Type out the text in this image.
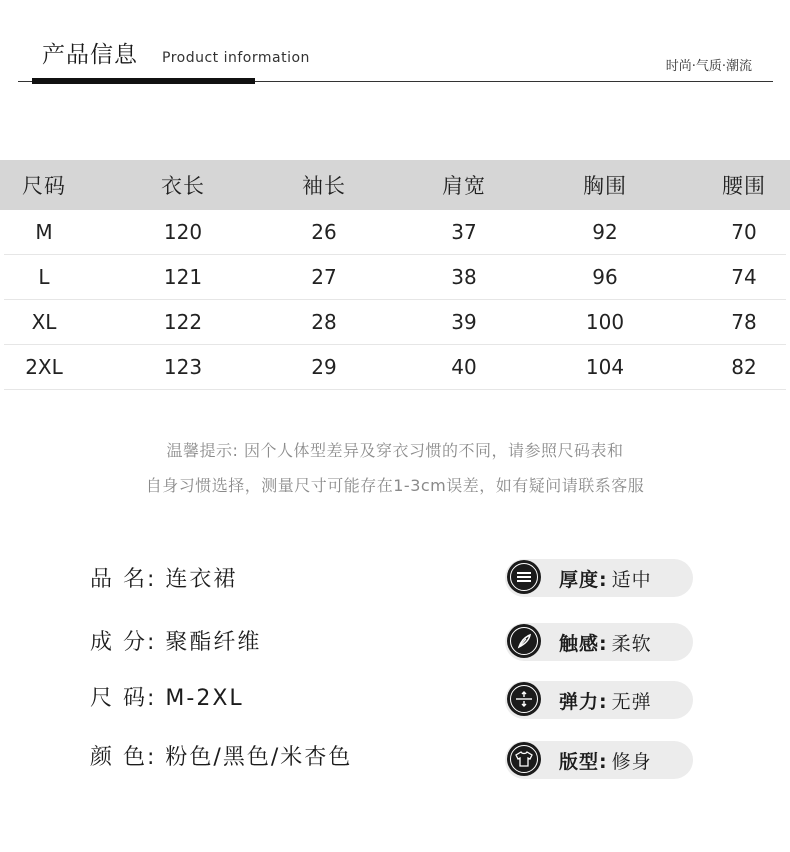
产品信息 Product information
时尚·气质·潮流
尺码	衣长	袖长	肩宽	胸围	腰围
M	120	26	37	92	70
L	121	27	38	96	74
XL	122	28	39	100	78
2XL	123	29	40	104	82
温馨提示: 因个人体型差异及穿衣习惯的不同，请参照尺码表和
自身习惯选择，测量尺寸可能存在1-3cm误差，如有疑问请联系客服
品 名: 连衣裙
成 分: 聚酯纤维
尺 码: M-2XL
颜 色: 粉色/黑色/米杏色
厚度: 适中
触感: 柔软
弹力: 无弹
版型: 修身
